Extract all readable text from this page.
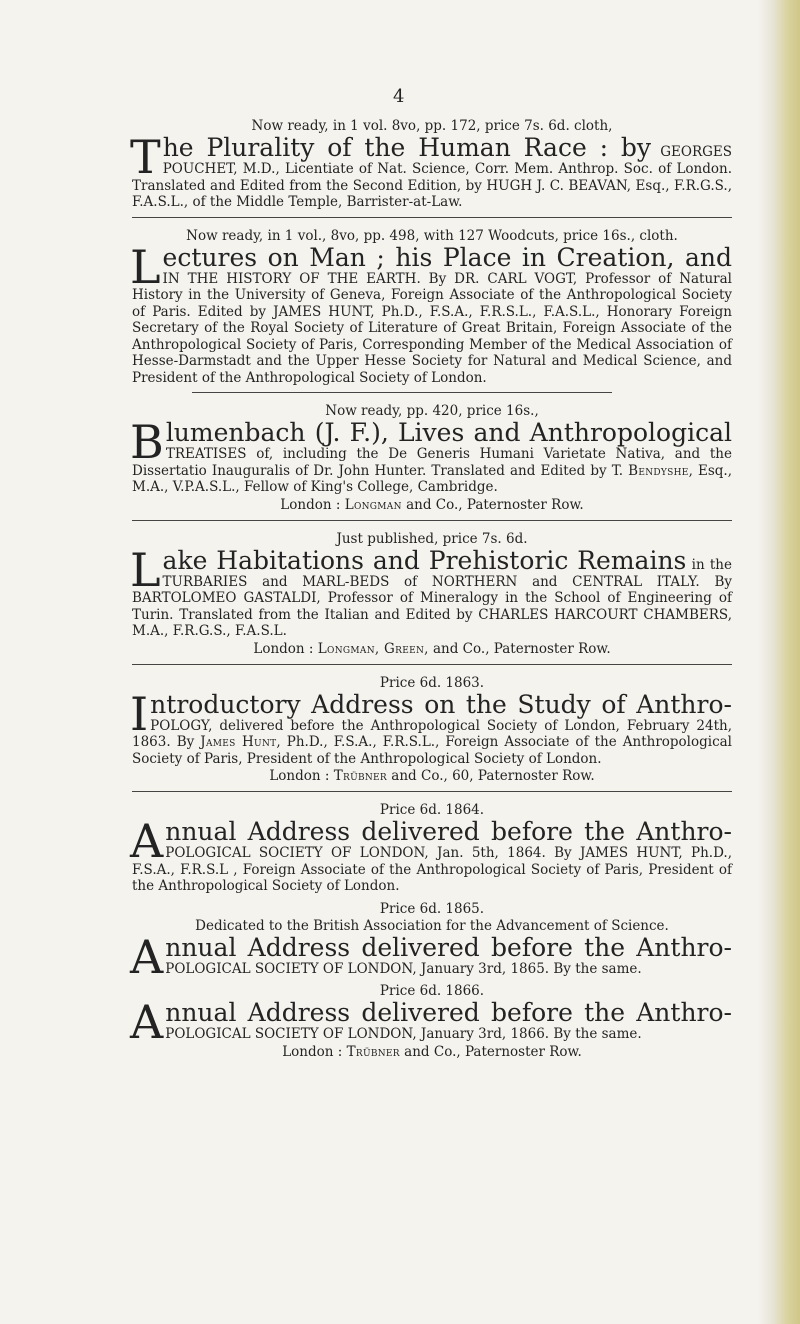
4
Now ready, in 1 vol. 8vo, pp. 172, price 7s. 6d. cloth,

The Plurality of the Human Race : by GEORGES POUCHET, M.D., Licentiate of Nat. Science, Corr. Mem. Anthrop. Soc. of London. Translated and Edited from the Second Edition, by HUGH J. C. BEAVAN, Esq., F.R.G.S., F.A.S.L., of the Middle Temple, Barrister-at-Law.

Now ready, in 1 vol., 8vo, pp. 498, with 127 Woodcuts, price 16s., cloth.

Lectures on Man ; his Place in Creation, and IN THE HISTORY OF THE EARTH. By DR. CARL VOGT, Professor of Natural History in the University of Geneva, Foreign Associate of the Anthropological Society of Paris. Edited by JAMES HUNT, Ph.D., F.S.A., F.R.S.L., F.A.S.L., Honorary Foreign Secretary of the Royal Society of Literature of Great Britain, Foreign Associate of the Anthropological Society of Paris, Corresponding Member of the Medical Association of Hesse-Darmstadt and the Upper Hesse Society for Natural and Medical Science, and President of the Anthropological Society of London.

Now ready, pp. 420, price 16s.,

Blumenbach (J. F.), Lives and Anthropological TREATISES of, including the De Generis Humani Varietate Nativa, and the Dissertatio Inauguralis of Dr. John Hunter. Translated and Edited by T. Bendyshe, Esq., M.A., V.P.A.S.L., Fellow of King's College, Cambridge.

London : Longman and Co., Paternoster Row.
Just published, price 7s. 6d.

Lake Habitations and Prehistoric Remains in the TURBARIES and MARL-BEDS of NORTHERN and CENTRAL ITALY. By BARTOLOMEO GASTALDI, Professor of Mineralogy in the School of Engineering of Turin. Translated from the Italian and Edited by CHARLES HARCOURT CHAMBERS, M.A., F.R.G.S., F.A.S.L.

London : Longman, Green, and Co., Paternoster Row.
Price 6d. 1863.

Introductory Address on the Study of Anthro- POLOGY, delivered before the Anthropological Society of London, February 24th, 1863. By James Hunt, Ph.D., F.S.A., F.R.S.L., Foreign Associate of the Anthropological Society of Paris, President of the Anthropological Society of London.

London : Trübner and Co., 60, Paternoster Row.
Price 6d. 1864.

Annual Address delivered before the Anthro- POLOGICAL SOCIETY OF LONDON, Jan. 5th, 1864. By JAMES HUNT, Ph.D., F.S.A., F.R.S.L , Foreign Associate of the Anthropological Society of Paris, President of the Anthropological Society of London.

Price 6d. 1865.
Dedicated to the British Association for the Advancement of Science.

Annual Address delivered before the Anthro- POLOGICAL SOCIETY OF LONDON, January 3rd, 1865. By the same.

Price 6d. 1866.

Annual Address delivered before the Anthro- POLOGICAL SOCIETY OF LONDON, January 3rd, 1866. By the same.

London : Trübner and Co., Paternoster Row.
